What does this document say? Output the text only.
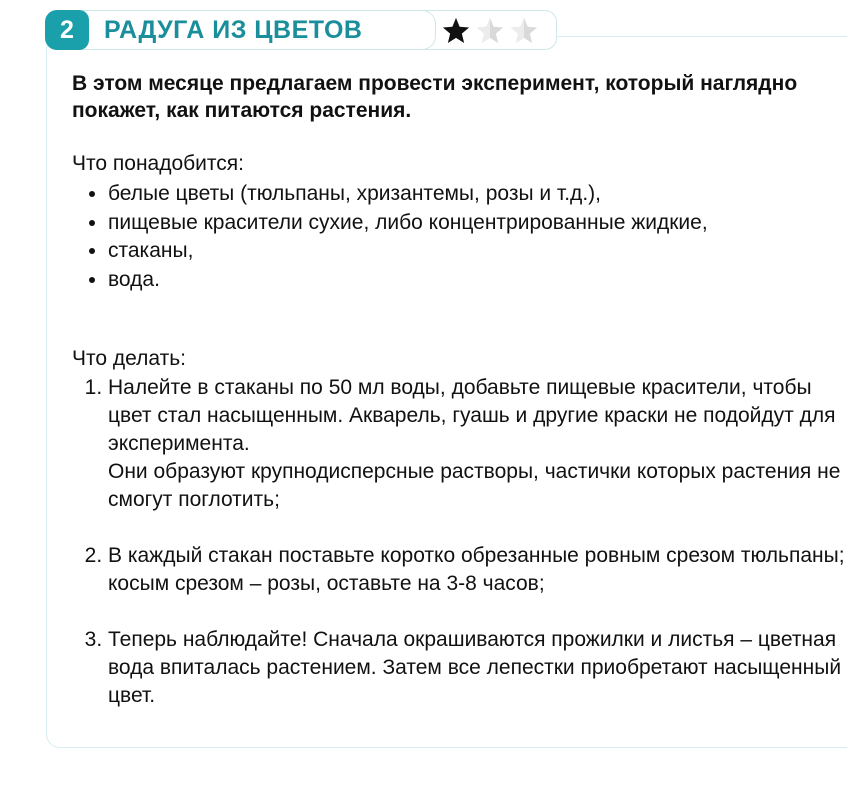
2 РАДУГА ИЗ ЦВЕТОВ
В этом месяце предлагаем провести эксперимент, который наглядно покажет, как питаются растения.
Что понадобится:
• белые цветы (тюльпаны, хризантемы, розы и т.д.),
• пищевые красители сухие, либо концентрированные жидкие,
• стаканы,
• вода.
Что делать:
1. Налейте в стаканы по 50 мл воды, добавьте пищевые красители, чтобы цвет стал насыщенным. Акварель, гуашь и другие краски не подойдут для эксперимента.
Они образуют крупнодисперсные растворы, частички которых растения не смогут поглотить;
2. В каждый стакан поставьте коротко обрезанные ровным срезом тюльпаны; косым срезом – розы, оставьте на 3-8 часов;
3. Теперь наблюдайте! Сначала окрашиваются прожилки и листья – цветная вода впиталась растением. Затем все лепестки приобретают насыщенный цвет.
